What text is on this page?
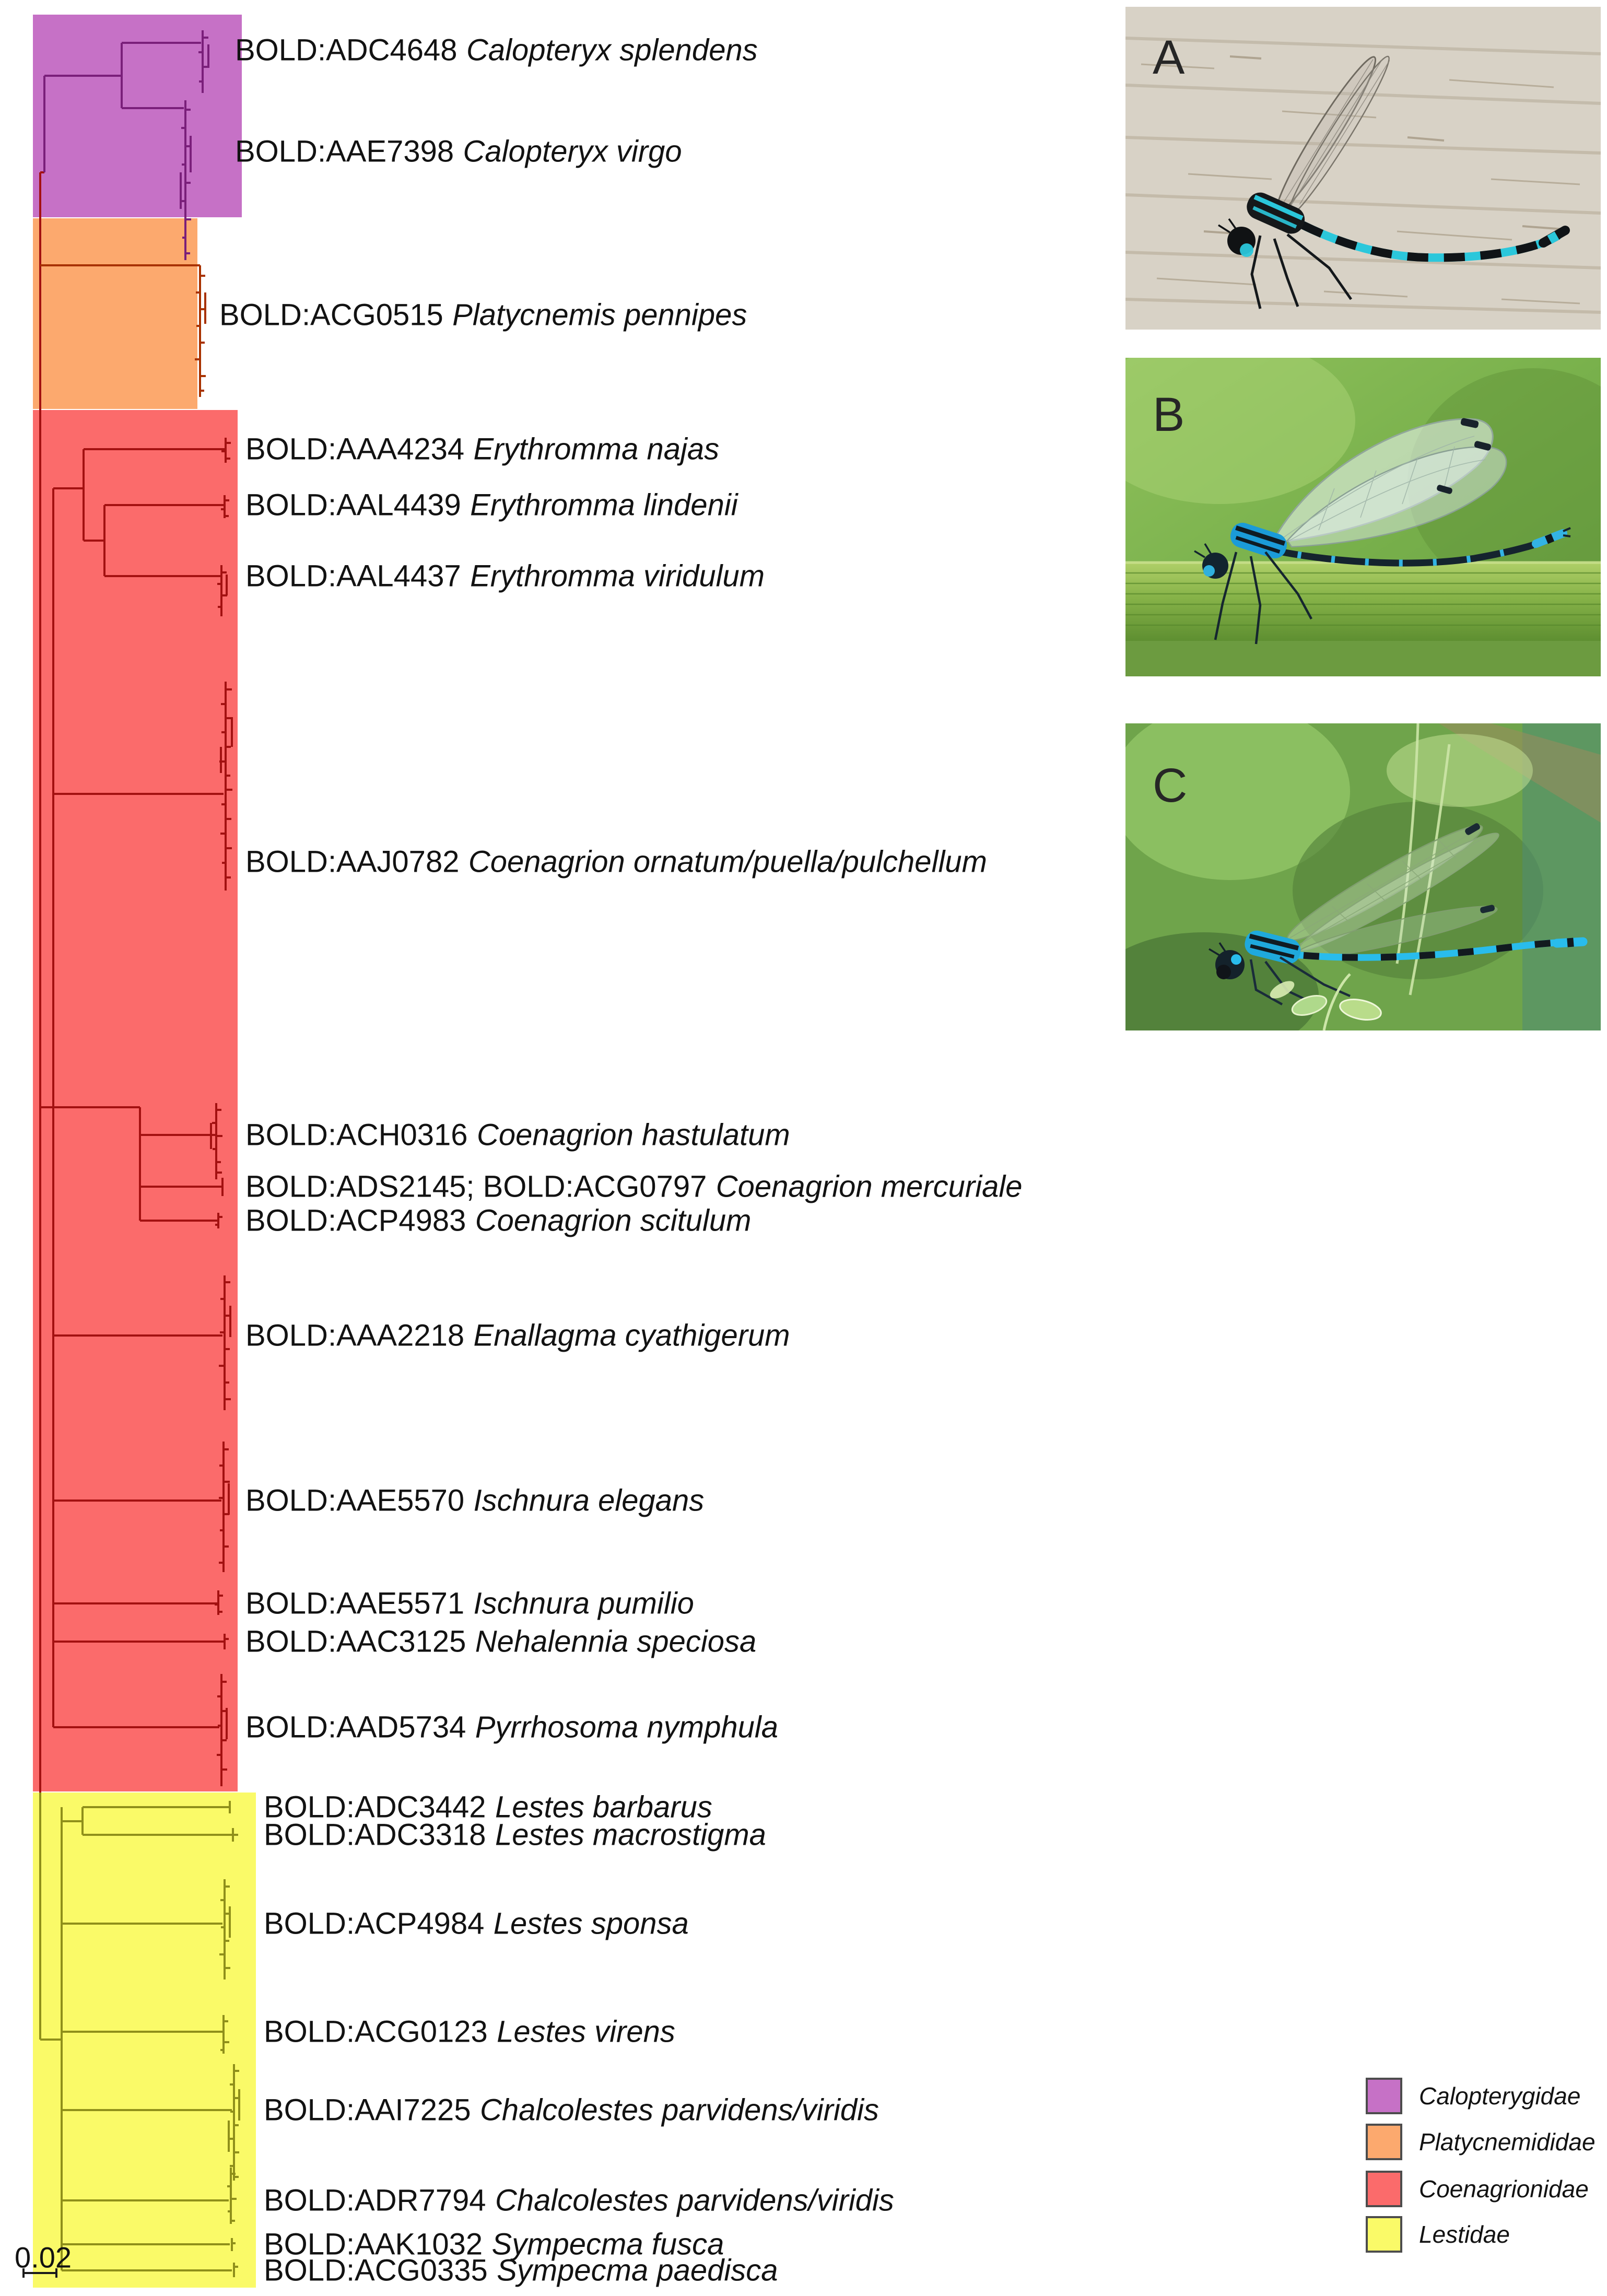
BOLD:ADC4648 Calopteryx splendens
BOLD:AAE7398 Calopteryx virgo
BOLD:ACG0515 Platycnemis pennipes
BOLD:AAA4234 Erythromma najas
BOLD:AAL4439 Erythromma lindenii
BOLD:AAL4437 Erythromma viridulum
BOLD:AAJ0782 Coenagrion ornatum/puella/pulchellum
BOLD:ACH0316 Coenagrion hastulatum
BOLD:ADS2145; BOLD:ACG0797 Coenagrion mercuriale
BOLD:ACP4983 Coenagrion scitulum
BOLD:AAA2218 Enallagma cyathigerum
BOLD:AAE5570 Ischnura elegans
BOLD:AAE5571 Ischnura pumilio
BOLD:AAC3125 Nehalennia speciosa
BOLD:AAD5734 Pyrrhosoma nymphula
BOLD:ADC3442 Lestes barbarus
BOLD:ADC3318 Lestes macrostigma
BOLD:ACP4984 Lestes sponsa
BOLD:ACG0123 Lestes virens
BOLD:AAI7225 Chalcolestes parvidens/viridis
BOLD:ADR7794 Chalcolestes parvidens/viridis
BOLD:AAK1032 Sympecma fusca
BOLD:ACG0335 Sympecma paedisca
0.02
Calopterygidae
Platycnemididae
Coenagrionidae
Lestidae
A
B
C
